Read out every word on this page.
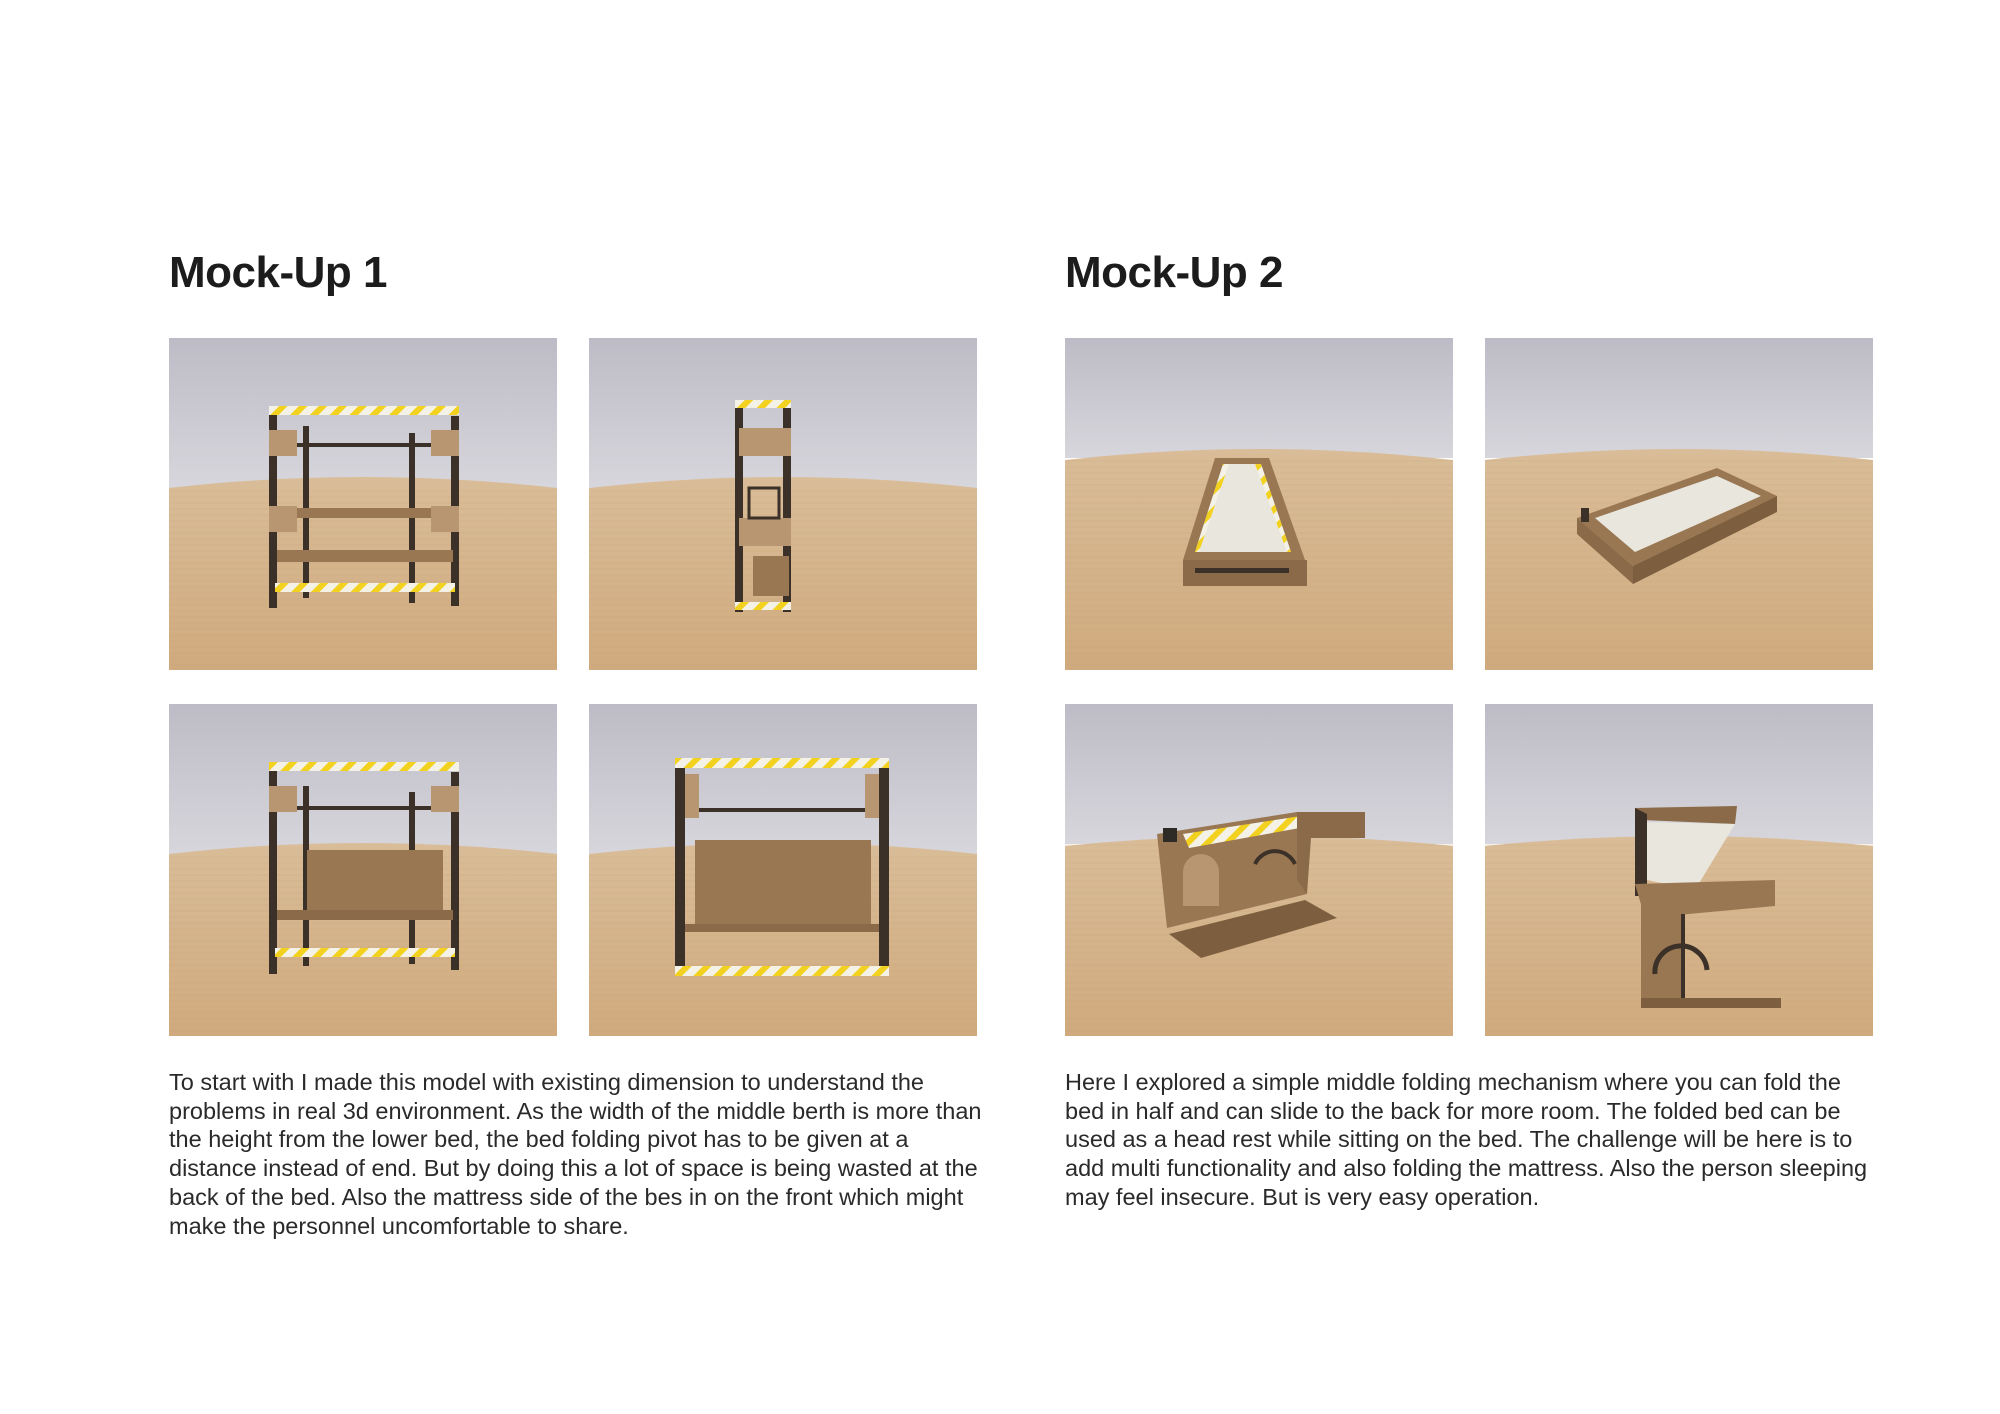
Mock-Up 1

To start with I made this model with existing dimension to understand the problems in real 3d environment. As the width of the middle berth is more than the height from the lower bed, the bed folding pivot has to be given at a distance instead of end. But by doing this a lot of space is being wasted at the back of the bed. Also the mattress side of the bes in on the front which might make the personnel uncomfortable to share.

Mock-Up 2

Here I explored a simple middle folding mechanism where you can fold the bed in half and can slide to the back for more room. The folded bed can be used as a head rest while sitting on the bed. The challenge will be here is to add multi functionality and also folding the mattress. Also the person sleeping may feel insecure. But is very easy operation.
